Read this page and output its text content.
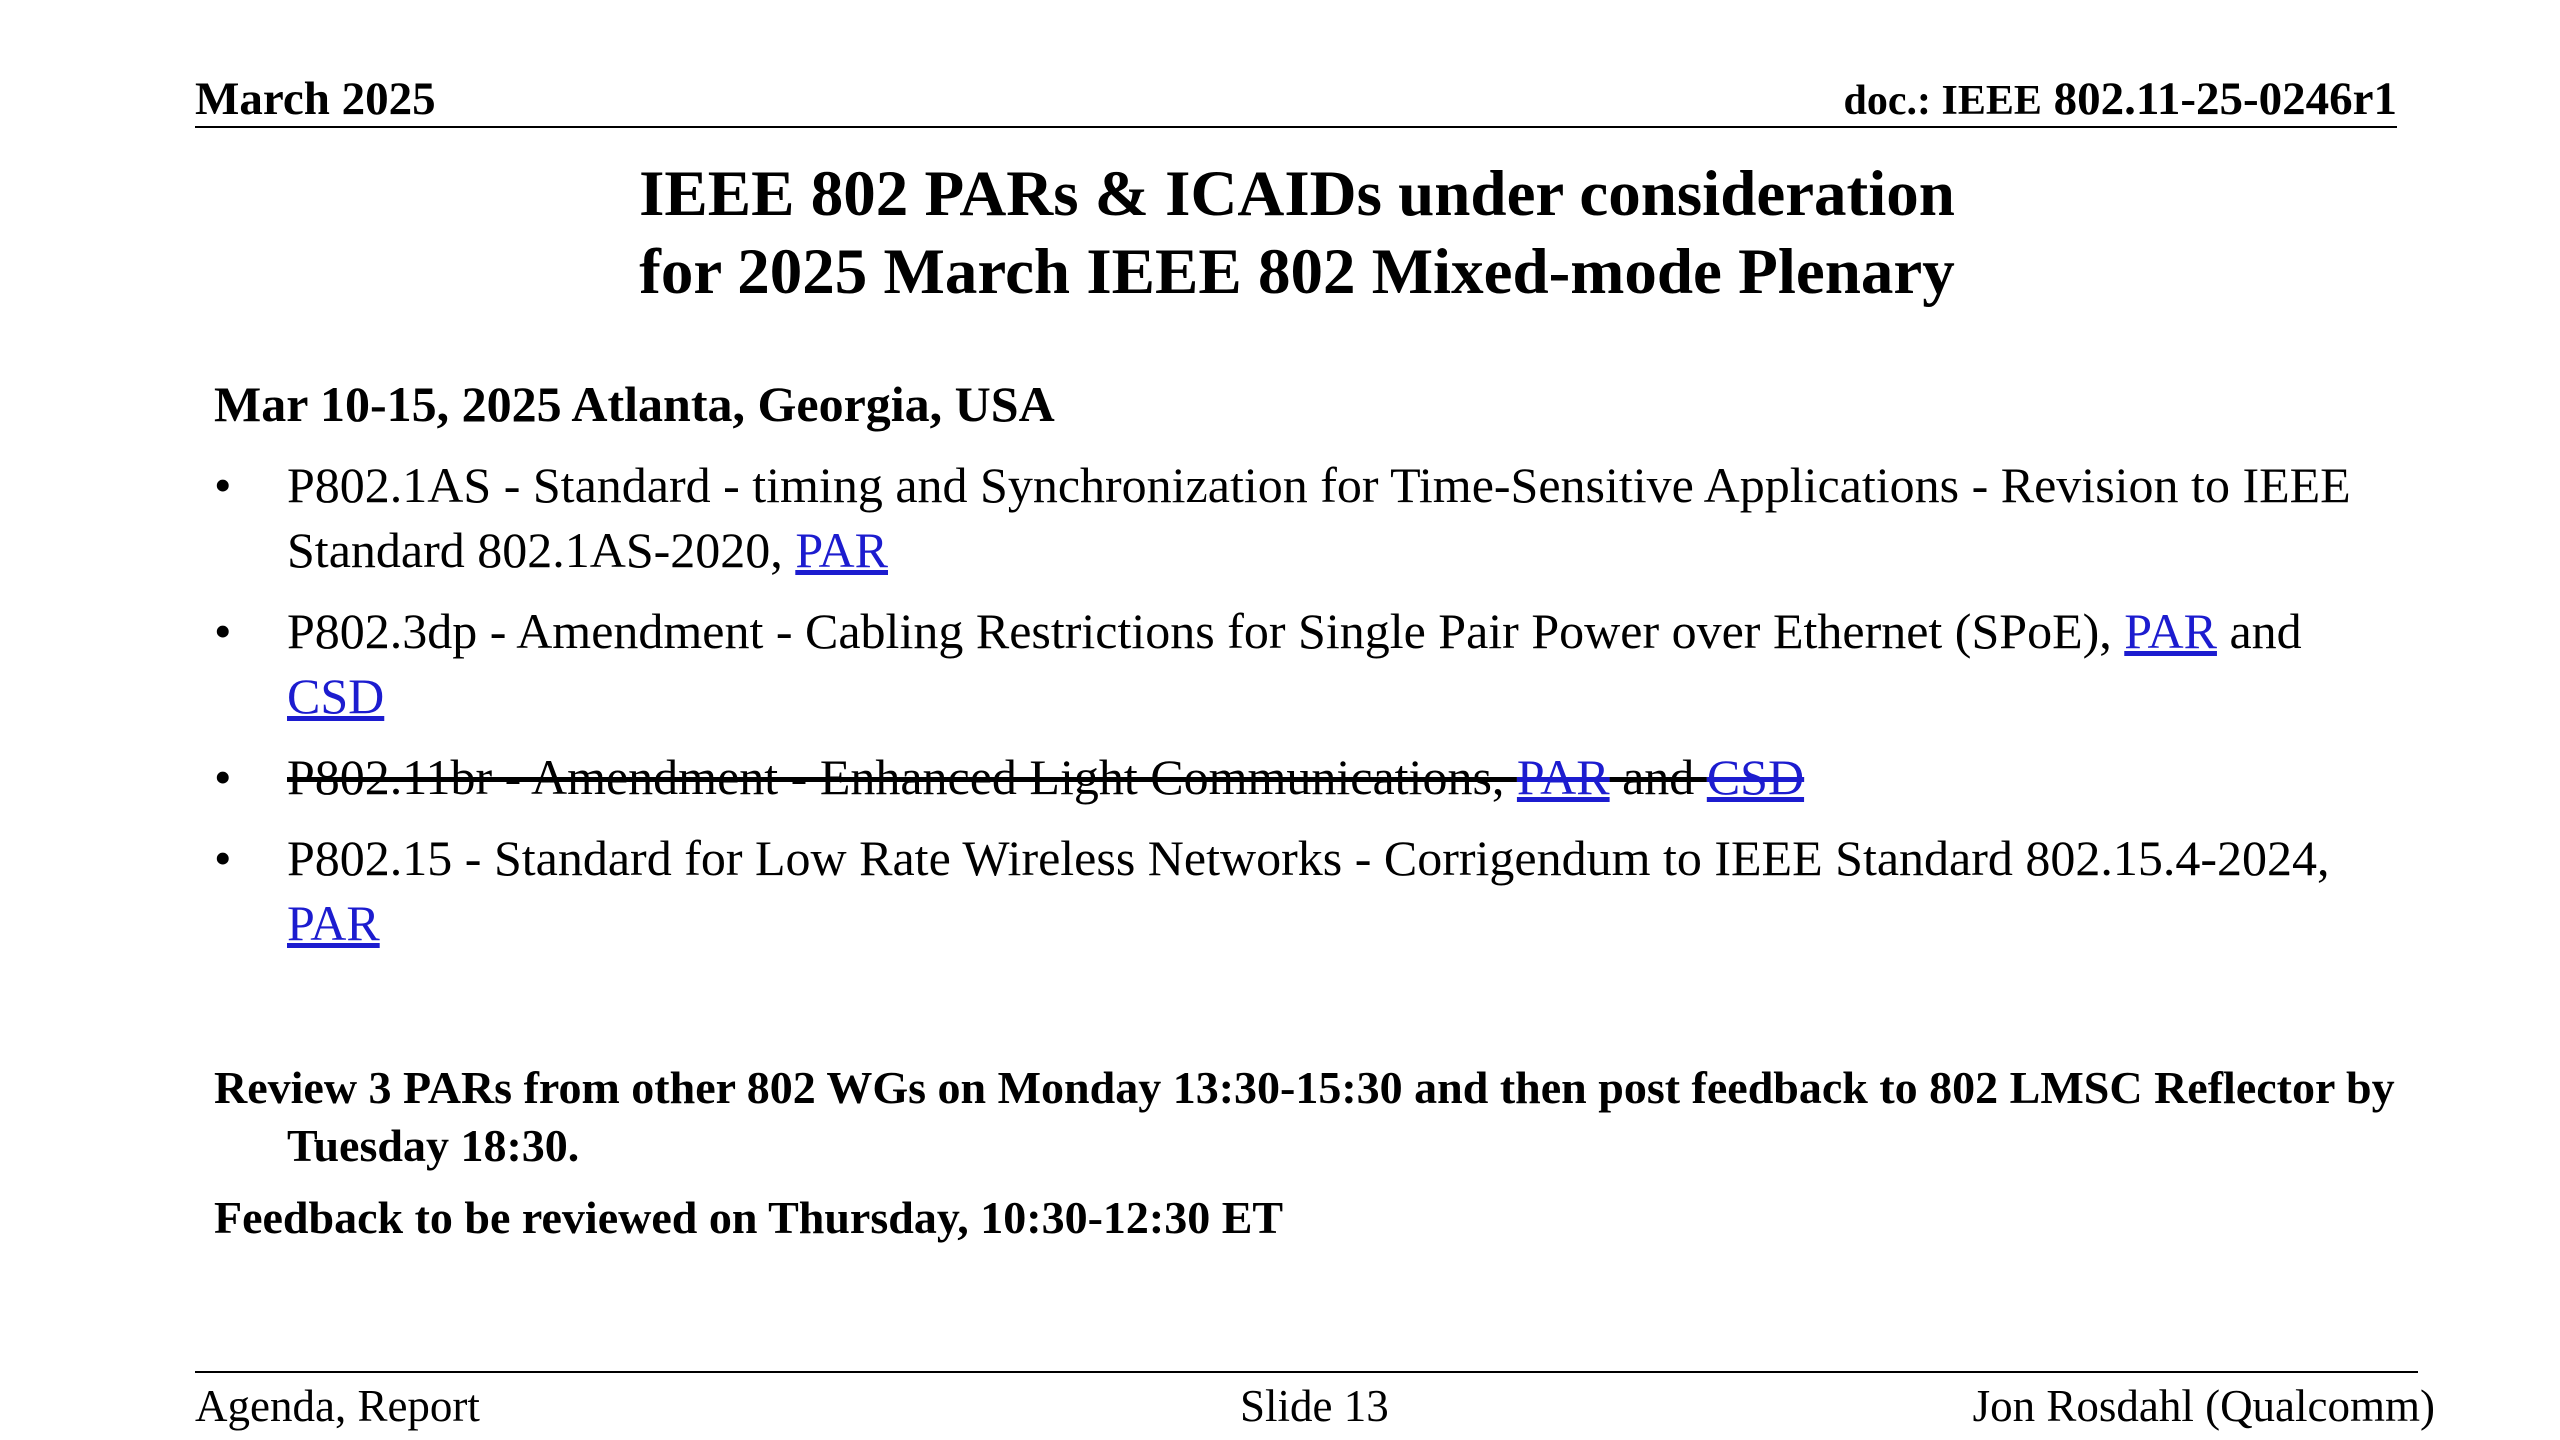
March 2025	doc.: IEEE 802.11-25-0246r1
IEEE 802 PARs & ICAIDs under consideration
for 2025 March IEEE 802 Mixed-mode Plenary
Mar 10-15, 2025 Atlanta, Georgia, USA
• P802.1AS - Standard - timing and Synchronization for Time-Sensitive Applications - Revision to IEEE Standard 802.1AS-2020, PAR
• P802.3dp - Amendment - Cabling Restrictions for Single Pair Power over Ethernet (SPoE), PAR and CSD
• P802.11br - Amendment - Enhanced Light Communications, PAR and CSD
• P802.15 - Standard for Low Rate Wireless Networks - Corrigendum to IEEE Standard 802.15.4-2024, PAR
Review 3 PARs from other 802 WGs on Monday 13:30-15:30 and then post feedback to 802 LMSC Reflector by Tuesday 18:30.
Feedback to be reviewed on Thursday, 10:30-12:30 ET
Agenda, Report	Slide 13	Jon Rosdahl (Qualcomm)
